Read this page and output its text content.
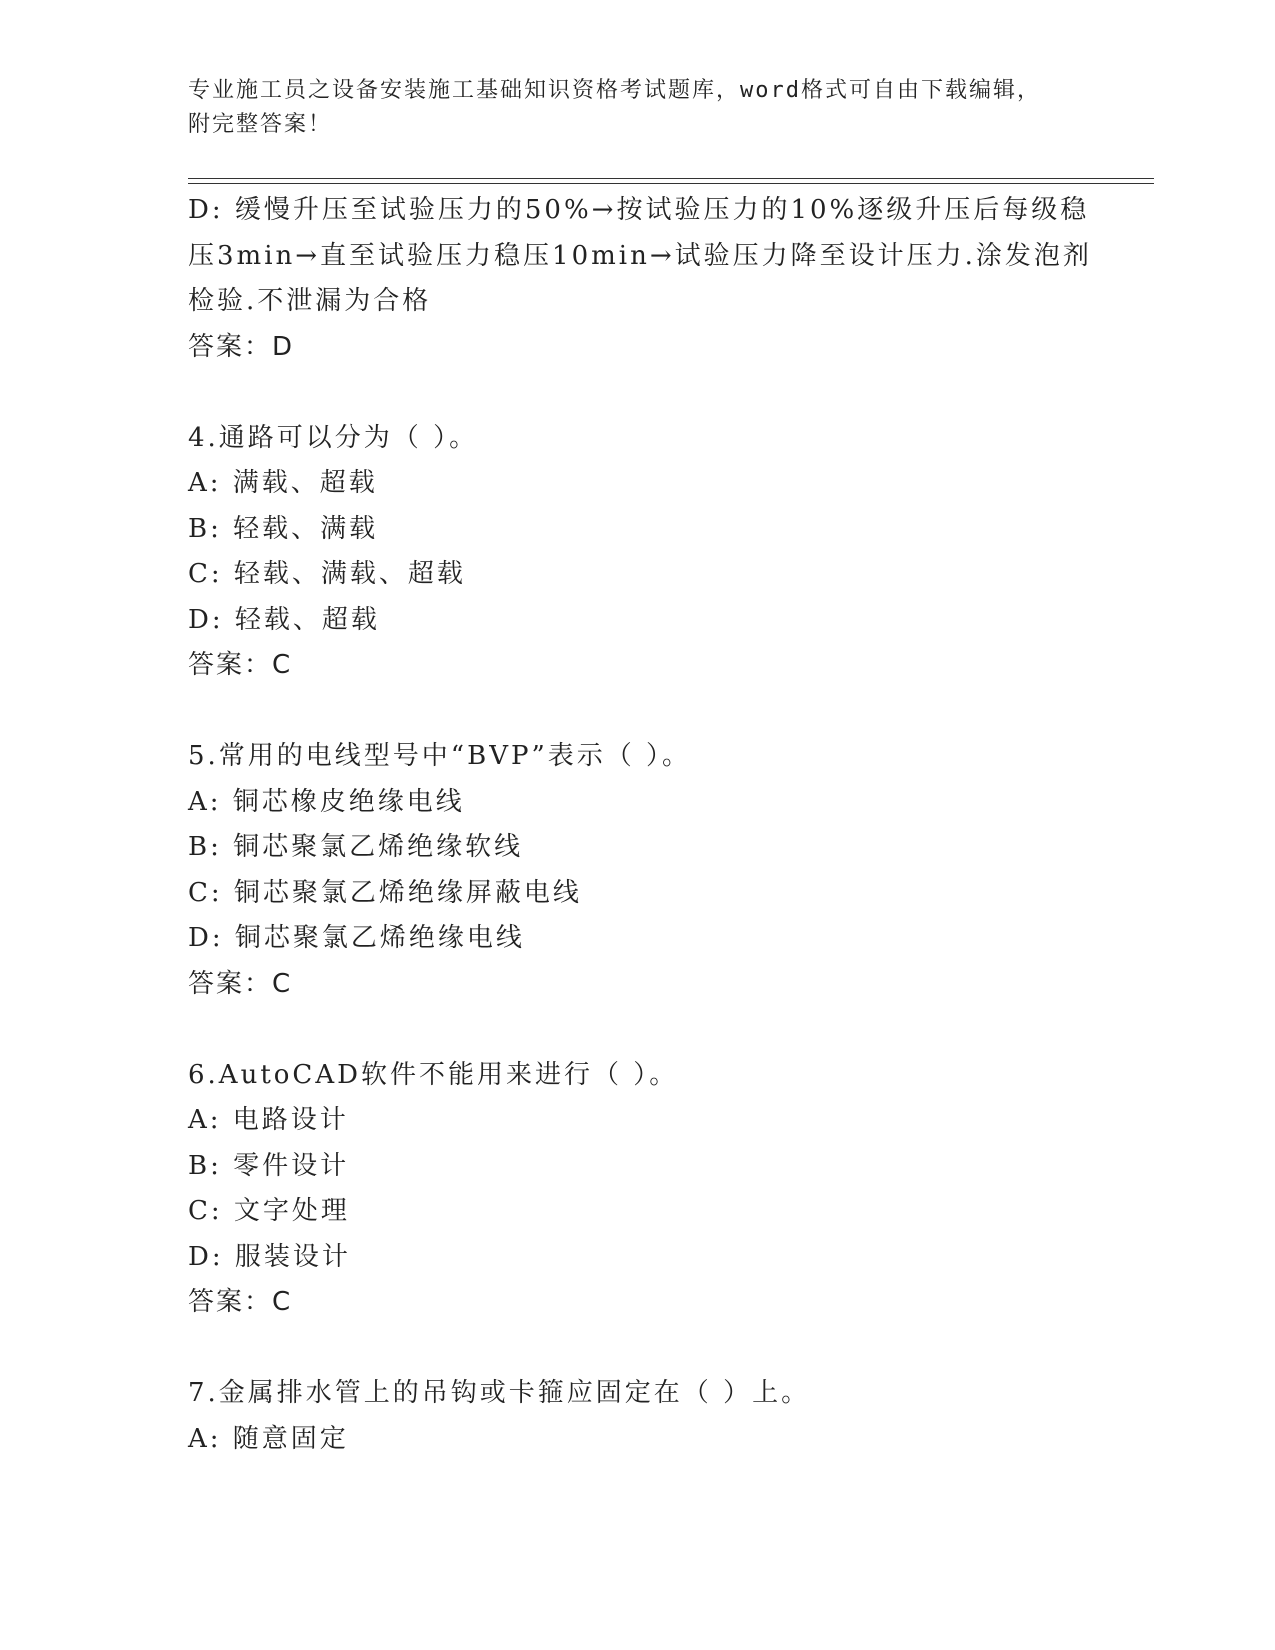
专业施工员之设备安装施工基础知识资格考试题库，word格式可自由下载编辑，
附完整答案！
D: 缓慢升压至试验压力的50%→按试验压力的10%逐级升压后每级稳
压3min→直至试验压力稳压10min→试验压力降至设计压力.涂发泡剂
检验.不泄漏为合格
答案：D
4.通路可以分为（ ）。
A: 满载、超载
B: 轻载、满载
C: 轻载、满载、超载
D: 轻载、超载
答案：C
5.常用的电线型号中“BVP”表示（ ）。
A: 铜芯橡皮绝缘电线
B: 铜芯聚氯乙烯绝缘软线
C: 铜芯聚氯乙烯绝缘屏蔽电线
D: 铜芯聚氯乙烯绝缘电线
答案：C
6.AutoCAD软件不能用来进行（ ）。
A: 电路设计
B: 零件设计
C: 文字处理
D: 服装设计
答案：C
7.金属排水管上的吊钩或卡箍应固定在（ ）上。
A: 随意固定
